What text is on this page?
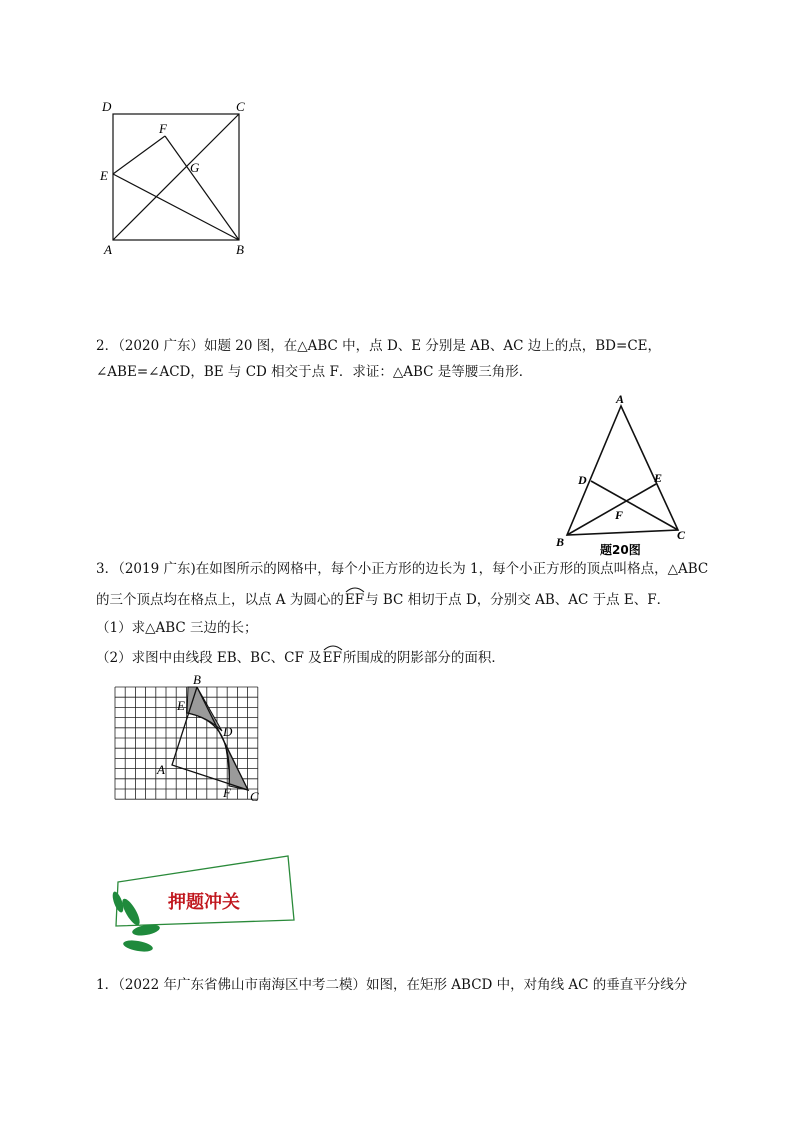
D	C
F
G
E
A	B
2．（2020 广东）如题 20 图，在△ABC 中，点 D、E 分别是 AB、AC 边上的点，BD=CE，
∠ABE=∠ACD，BE 与 CD 相交于点 F．求证：△ABC 是等腰三角形．
A
D	E
F
B	C
题20图
3．（2019 广东)在如图所示的网格中，每个小正方形的边长为 1，每个小正方形的顶点叫格点，△ABC
的三个顶点均在格点上，以点 A 为圆心的
EF与 BC 相切于点 D，分别交 AB、AC 于点 E、F．
（1）求△ABC 三边的长；
（2）求图中由线段 EB、BC、CF 及
EF所围成的阴影部分的面积．
B
E
D
A
F C
押题冲关
1．（2022 年广东省佛山市南海区中考二模）如图，在矩形 ABCD 中，对角线 AC 的垂直平分线分
